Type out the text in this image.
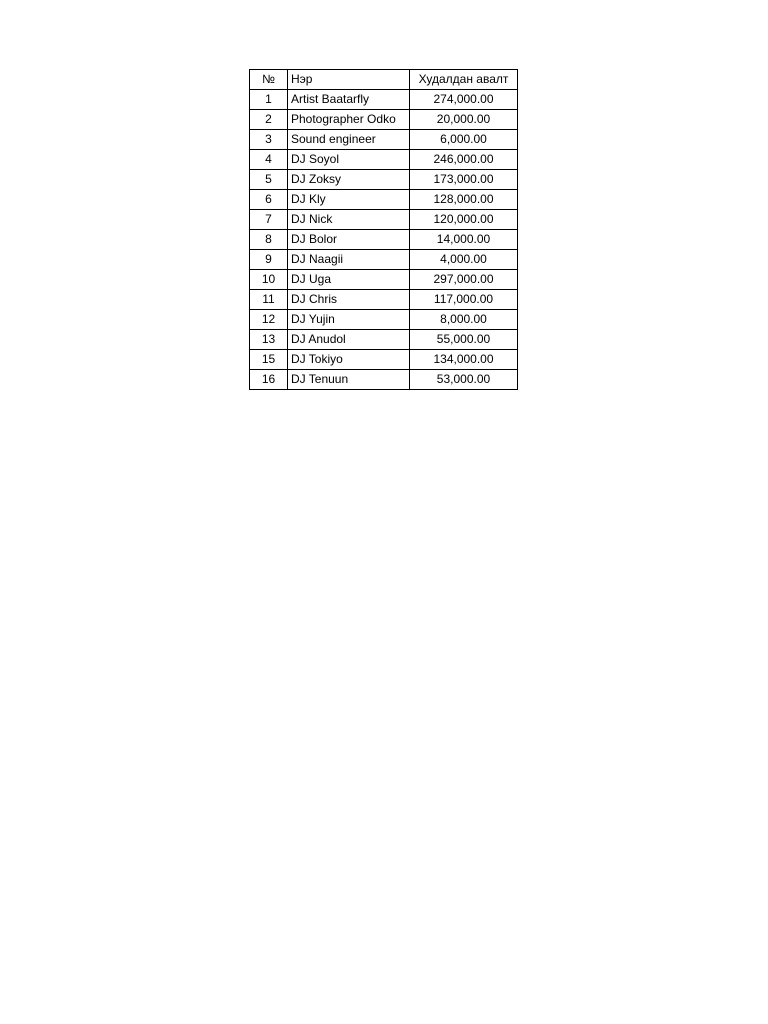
№	Нэр	Худалдан авалт
1	Artist Baatarfly	274,000.00
2	Photographer Odko	20,000.00
3	Sound engineer	6,000.00
4	DJ Soyol	246,000.00
5	DJ Zoksy	173,000.00
6	DJ Kly	128,000.00
7	DJ Nick	120,000.00
8	DJ Bolor	14,000.00
9	DJ Naagii	4,000.00
10	DJ Uga	297,000.00
11	DJ Chris	117,000.00
12	DJ Yujin	8,000.00
13	DJ Anudol	55,000.00
15	DJ Tokiyo	134,000.00
16	DJ Tenuun	53,000.00
